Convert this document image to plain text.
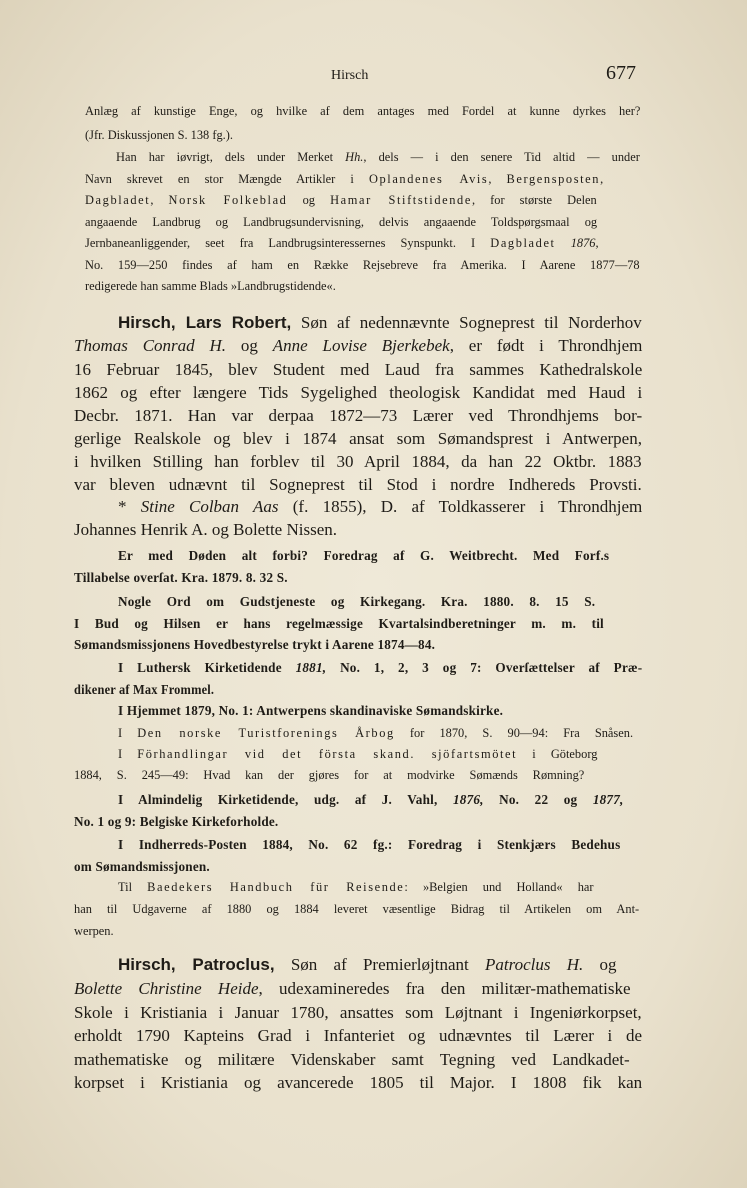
Hirsch	677
Anlæg af kunstige Enge, og hvilke af dem antages med Fordel at kunne dyrkes her?
(Jfr. Diskussjonen S. 138 fg.).
Han har iøvrigt, dels under Merket Hh., dels — i den senere Tid altid — under
Navn skrevet en stor Mængde Artikler i Oplandenes Avis, Bergensposten,
Dagbladet, Norsk Folkeblad og Hamar Stiftstidende, for største Delen
angaaende Landbrug og Landbrugsundervisning, delvis angaaende Toldspørgsmaal og
Jernbaneanliggender, seet fra Landbrugsinteressernes Synspunkt. I Dagbladet 1876,
No. 159—250 findes af ham en Række Rejsebreve fra Amerika. I Aarene 1877—78
redigerede han samme Blads »Landbrugstidende«.
Hirsch, Lars Robert, Søn af nedennævnte Sogneprest til Norderhov
Thomas Conrad H. og Anne Lovise Bjerkebek, er født i Throndhjem
16 Februar 1845, blev Student med Laud fra sammes Kathedralskole
1862 og efter længere Tids Sygelighed theologisk Kandidat med Haud i
Decbr. 1871. Han var derpaa 1872—73 Lærer ved Throndhjems bor-
gerlige Realskole og blev i 1874 ansat som Sømandsprest i Antwerpen,
i hvilken Stilling han forblev til 30 April 1884, da han 22 Oktbr. 1883
var bleven udnævnt til Sogneprest til Stod i nordre Indhereds Provsti.
* Stine Colban Aas (f. 1855), D. af Toldkasserer i Throndhjem
Johannes Henrik A. og Bolette Nissen.
Er med Døden alt forbi? Foredrag af G. Weitbrecht. Med Forf.s
Tillabelse overſat. Kra. 1879. 8. 32 S.
Nogle Ord om Gudstjeneste og Kirkegang. Kra. 1880. 8. 15 S.
I Bud og Hilsen er hans regelmæssige Kvartalsindberetninger m. m. til
Sømandsmissjonens Hovedbestyrelse trykt i Aarene 1874—84.
I Luthersk Kirketidende 1881, No. 1, 2, 3 og 7: Overſættelser af Præ-
dikener af Max Frommel.
I Hjemmet 1879, No. 1: Antwerpens skandinaviske Sømandskirke.
I Den norske Turistforenings Årbog for 1870, S. 90—94: Fra Snåsen.
I Förhandlingar vid det första skand. sjöfartsmötet i Göteborg
1884, S. 245—49: Hvad kan der gjøres for at modvirke Sømænds Rømning?
I Almindelig Kirketidende, udg. af J. Vahl, 1876, No. 22 og 1877,
No. 1 og 9: Belgiske Kirkeforholde.
I Indherreds-Posten 1884, No. 62 fg.: Foredrag i Stenkjærs Bedehus
om Sømandsmissjonen.
Til Baedekers Handbuch für Reisende: »Belgien und Holland« har
han til Udgaverne af 1880 og 1884 leveret væsentlige Bidrag til Artikelen om Ant-
werpen.
Hirsch, Patroclus, Søn af Premierløjtnant Patroclus H. og
Bolette Christine Heide, udexamineredes fra den militær-mathematiske
Skole i Kristiania i Januar 1780, ansattes som Løjtnant i Ingeniørkorpset,
erholdt 1790 Kapteins Grad i Infanteriet og udnævntes til Lærer i de
mathematiske og militære Videnskaber samt Tegning ved Landkadet-
korpset i Kristiania og avancerede 1805 til Major. I 1808 fik kan
